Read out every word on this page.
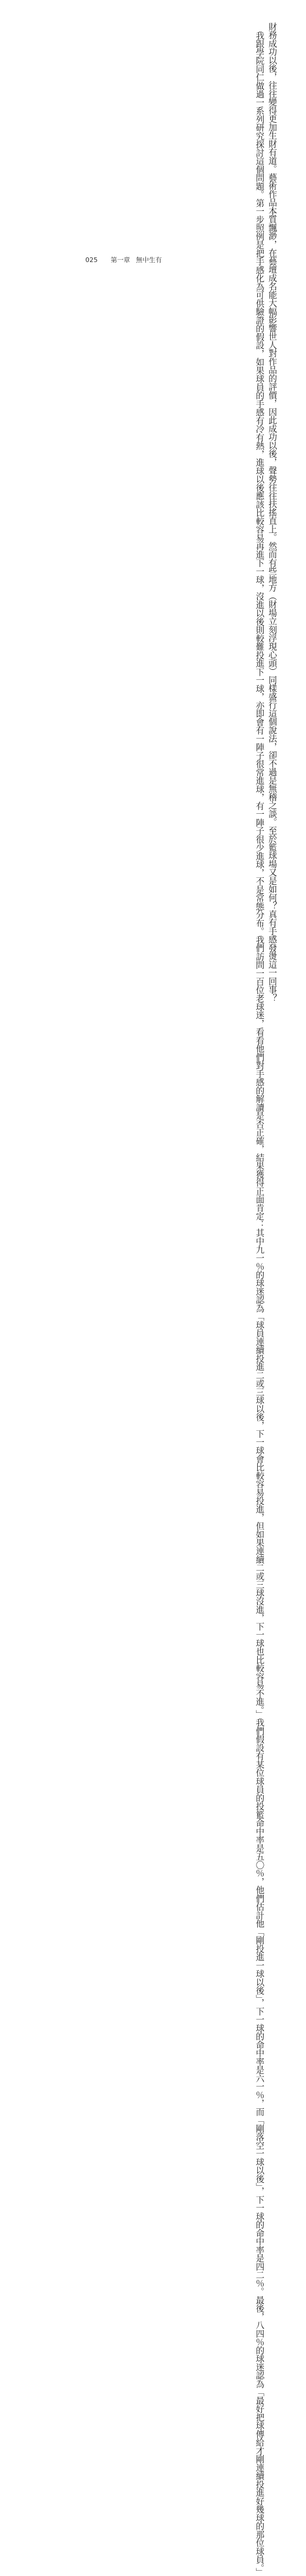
財務成功以後，往往變得更加生財有道。藝術作品本質飄渺，在藝壇成名能大幅影響世人對作品的評價，因此成功以後，聲勢往往扶搖直上。然而有些地方（財場立刻浮現心頭）同樣盛行這個說法，卻不過是無稽之談。至於籃球場又是如何？真有手感發燙這一回事？

我跟學院同仁做過一系列研究探討這個問題。第一步照例是把手感化為可供驗證的假設，如果球員的手感有冷有熱，進球以後應該比較容易再進下一球，沒進以後則較難投進下一球，亦即會有一陣子很常進球，有一陣子很少進球，不是常態分布。我們訪問一百位老球迷，看看他們對手感的解讀是否正確，結果獲得正面肯定：其中九一％的球迷認為「球員連續投進二或三球以後，下一球會比較容易投進，但如果連續二或三球沒進，下一球也比較容易不進。」我們假設有某位球員的投籃命中率是五〇％，他們估計他「剛投進一球以後」，下一球的命中率是六一％，而「剛落空一球以後」，下一球的命中率是四二％。最後，八四％的球迷認為「最好把球傳給才剛連續投進好幾球的那位球員。」

025 第一章 無中生有
